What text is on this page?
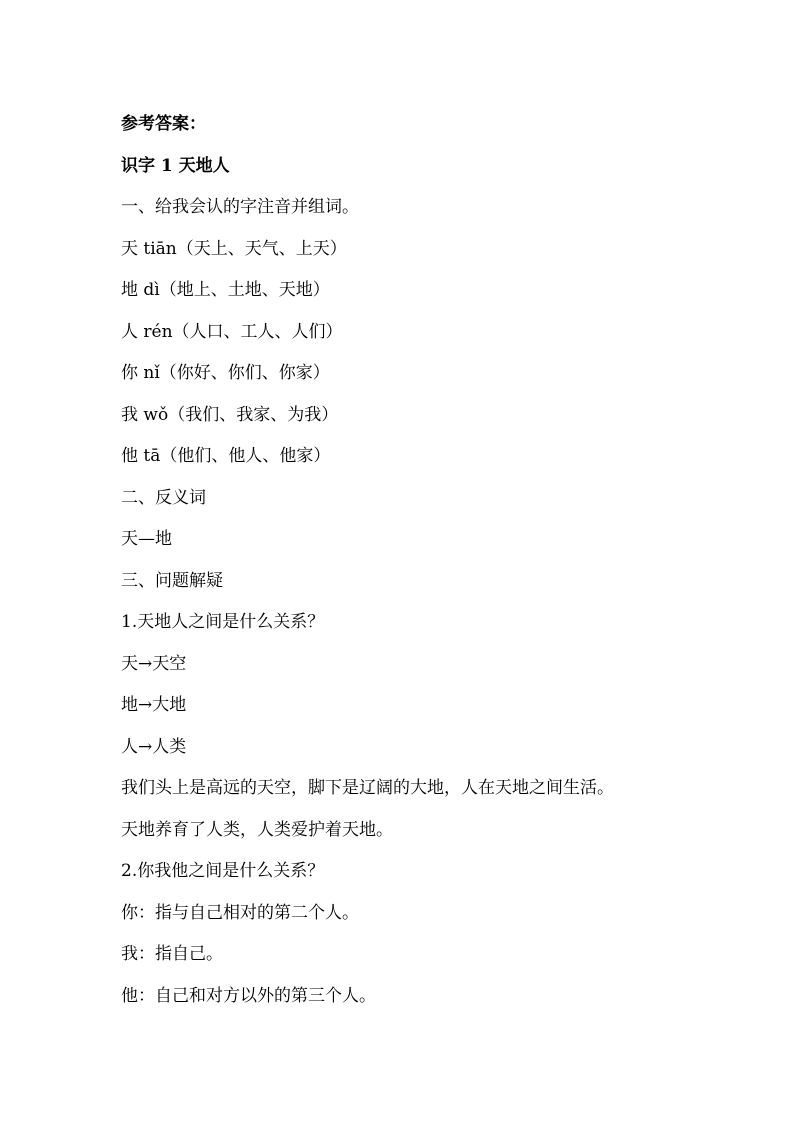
参考答案：
识字 1 天地人
一、给我会认的字注音并组词。
天 tiān（天上、天气、上天）
地 dì（地上、土地、天地）
人 rén（人口、工人、人们）
你 nǐ（你好、你们、你家）
我 wǒ（我们、我家、为我）
他 tā（他们、他人、他家）
二、反义词
天—地
三、问题解疑
1.天地人之间是什么关系？
天→天空
地→大地
人→人类
我们头上是高远的天空，脚下是辽阔的大地，人在天地之间生活。
天地养育了人类，人类爱护着天地。
2.你我他之间是什么关系？
你：指与自己相对的第二个人。
我：指自己。
他：自己和对方以外的第三个人。
